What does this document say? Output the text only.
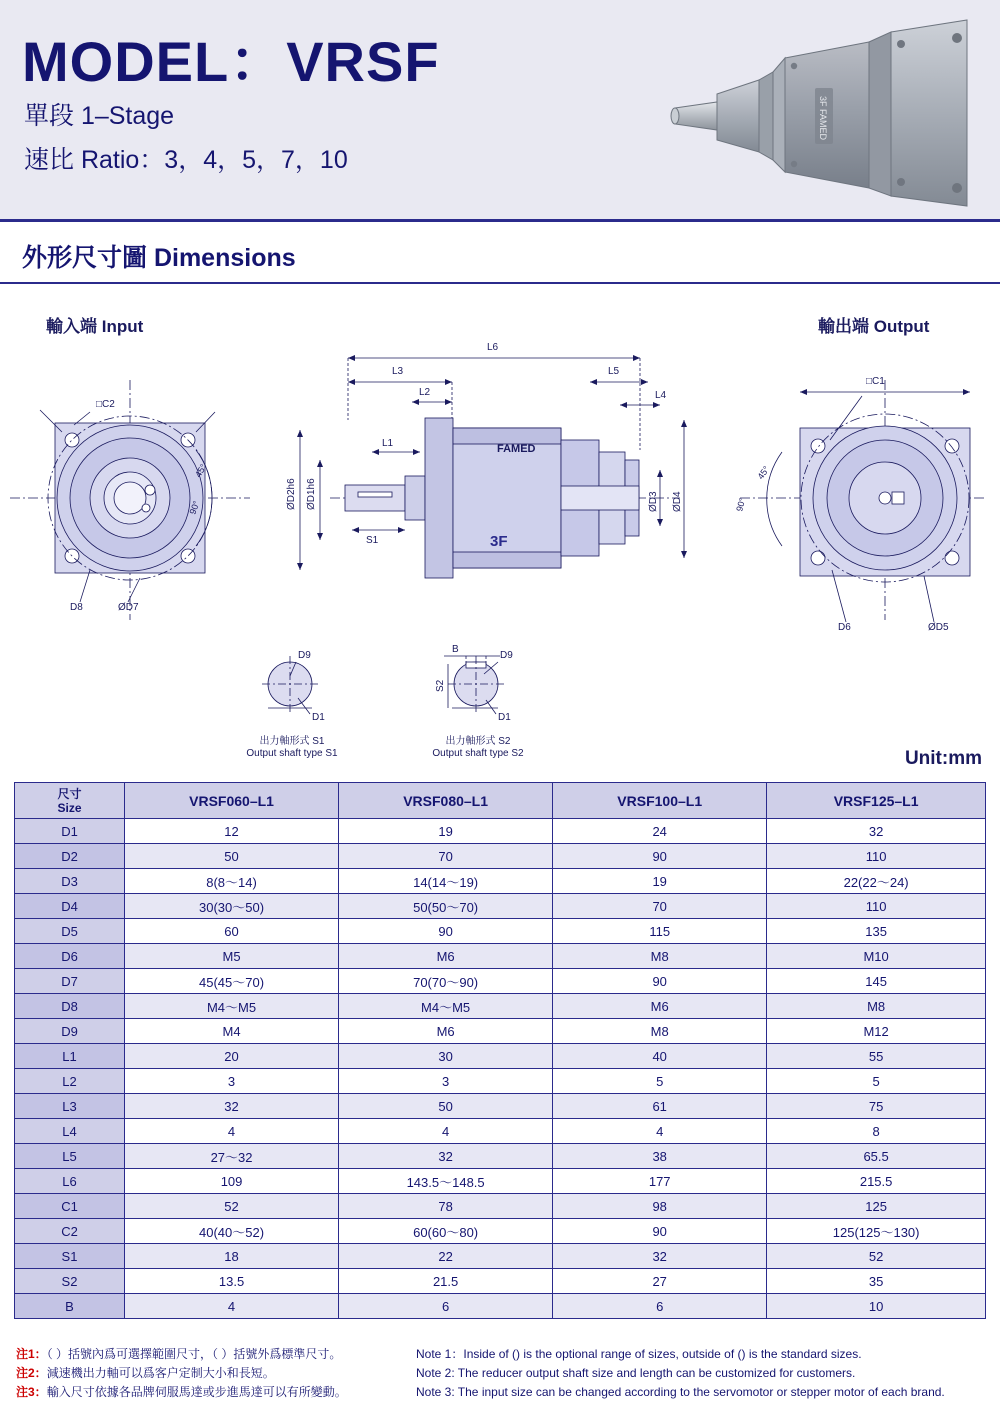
MODEL：VRSF
單段 1–Stage
速比 Ratio：3，4，5，7，10
3F FAMED
外形尺寸圖 Dimensions
輸入端 Input	輸出端 Output
Unit:mm
□C2
45°
90°
D8	ØD7
L6
L3
L2
L5
L4
L1	FAMED
3F
S1
ØD2h6 ØD1h6	ØD3 ØD4
□C1
45°
90°
D6	ØD5
D9
D1
B
S2
D9
D1
出力軸形式 S1
Output shaft type S1
出力軸形式 S2
Output shaft type S2
尺寸
Size	VRSF060–L1	VRSF080–L1	VRSF100–L1	VRSF125–L1
D1	12	19	24	32
D2	50	70	90	110
D3	8(8～14)	14(14～19)	19	22(22～24)
D4	30(30～50)	50(50～70)	70	110
D5	60	90	115	135
D6	M5	M6	M8	M10
D7	45(45～70)	70(70～90)	90	145
D8	M4～M5	M4～M5	M6	M8
D9	M4	M6	M8	M12
L1	20	30	40	55
L2	3	3	5	5
L3	32	50	61	75
L4	4	4	4	8
L5	27～32	32	38	65.5
L6	109	143.5～148.5	177	215.5
C1	52	78	98	125
C2	40(40～52)	60(60～80)	90	125(125～130)
S1	18	22	32	52
S2	13.5	21.5	27	35
B	4	6	6	10
注1：（ ）括號內爲可選擇範圍尺寸，（ ）括號外爲標準尺寸。	Note 1：Inside of () is the optional range of sizes, outside of () is the standard sizes.
注2：減速機出力軸可以爲客户定制大小和長短。	Note 2: The reducer output shaft size and length can be customized for customers.
注3：輸入尺寸依據各品牌伺服馬達或步進馬達可以有所變動。	Note 3: The input size can be changed according to the servomotor or stepper motor of each brand.
